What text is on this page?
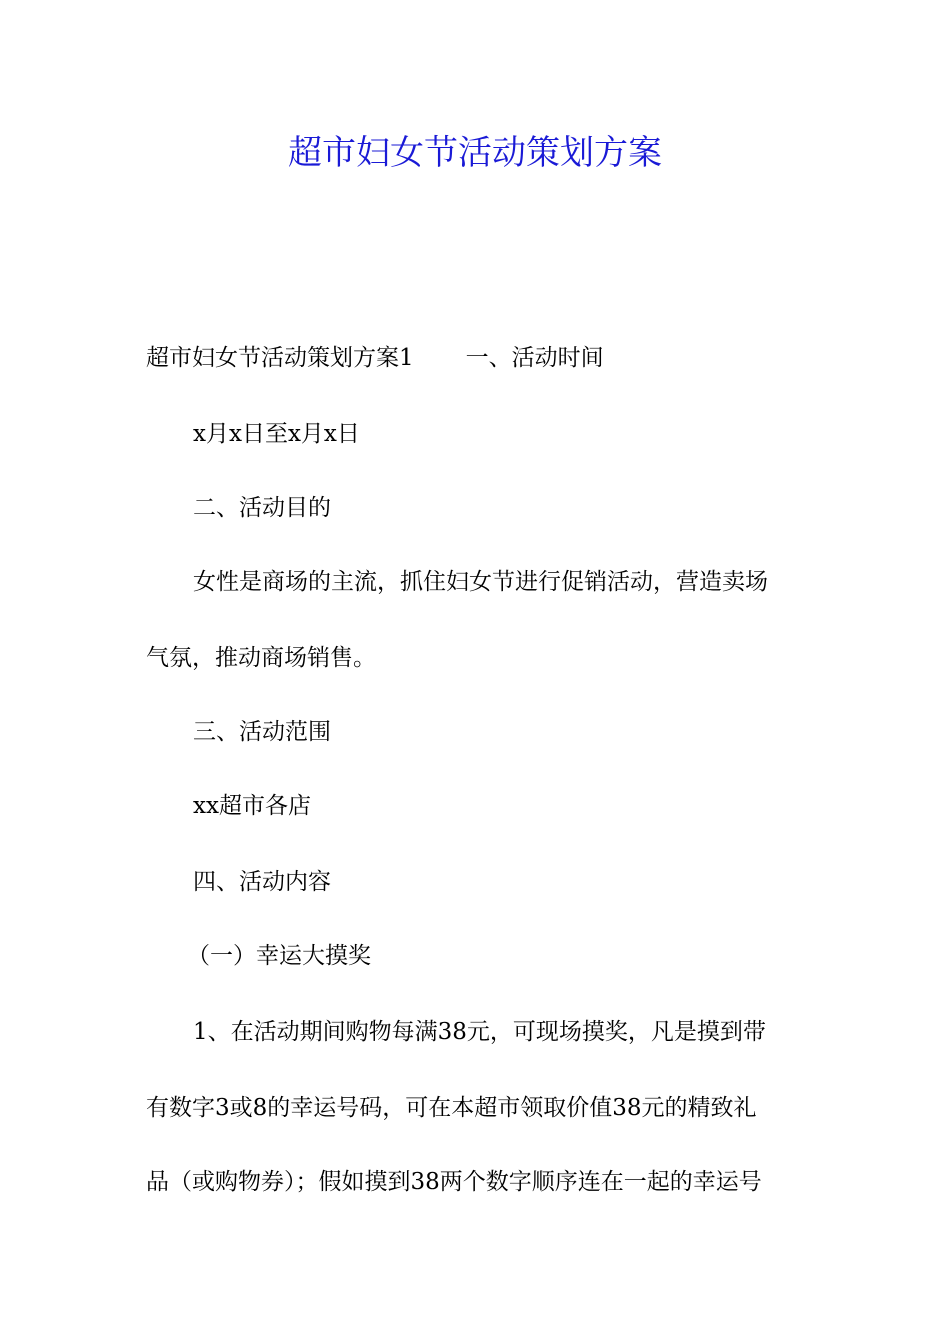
超市妇女节活动策划方案

超市妇女节活动策划方案1 一、活动时间

x月x日至x月x日

二、活动目的

女性是商场的主流，抓住妇女节进行促销活动，营造卖场

气氛，推动商场销售。

三、活动范围

xx超市各店

四、活动内容

（一）幸运大摸奖

1、在活动期间购物每满38元，可现场摸奖，凡是摸到带

有数字3或8的幸运号码，可在本超市领取价值38元的精致礼

品（或购物券）；假如摸到38两个数字顺序连在一起的幸运号
